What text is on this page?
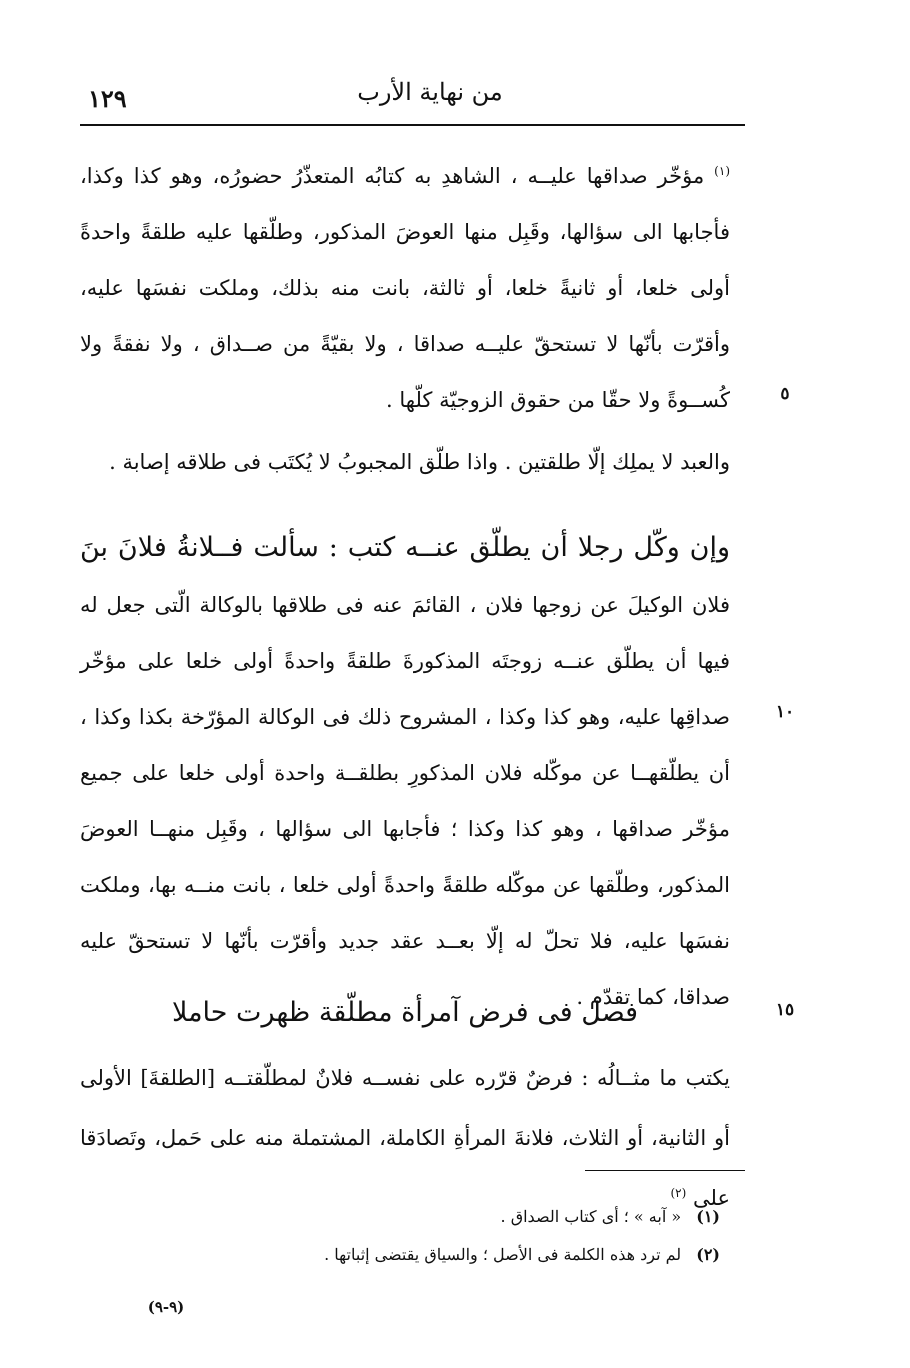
من نهاية الأرب
١٢٩
$^{(١)}$ مؤخّر صداقها عليــه ، الشاهدِ به كتابُه المتعذّرُ حضورُه، وهو كذا وكذا، فأجابها الى سؤالها، وقَبِل منها العوضَ المذكور، وطلّقها عليه طلقةً واحدةً أولى خلعا، أو ثانيةً خلعا، أو ثالثة، بانت منه بذلك، وملكت نفسَها عليه، وأقرّت بأنّها لا تستحقّ عليــه صداقا ، ولا بقيّةً من صــداق ، ولا نفقةً ولا كُســوةً ولا حقّا من حقوق الزوجيّة كلّها .	٥
والعبد لا يملِك إلّا طلقتين . واذا طلّق المجبوبُ لا يُكتَب فى طلاقه إصابة .
وإن وكّل رجلا أن يطلّق عنــه كتب : سألت فــلانةُ فلانَ بنَ فلان الوكيلَ عن زوجها فلان ، القائمَ عنه فى طلاقها بالوكالة الّتى جعل له فيها أن يطلّق عنــه زوجتَه المذكورةَ طلقةً واحدةً أولى خلعا على مؤخّر صداقِها عليه، وهو كذا وكذا ، المشروح ذلك فى الوكالة المؤرّخة بكذا وكذا ، أن يطلّقهــا عن موكّله فلان المذكورِ بطلقــة واحدة أولى خلعا على جميع مؤخّر صداقها ، وهو كذا وكذا ؛ فأجابها الى سؤالها ، وقَبِل منهــا العوضَ المذكور، وطلّقها عن موكّله طلقةً واحدةً أولى خلعا ، بانت منــه بها، وملكت نفسَها عليه، فلا تحلّ له إلّا بعــد عقد جديد وأقرّت بأنّها لا تستحقّ عليه صداقا، كما تقدّم .
١٠
فصل فى فرض آمرأة مطلّقة ظهرت حاملا	١٥
يكتب ما مثــالُه : فرضٌ قرّره على نفســه فلانٌ لمطلّقتــه [الطلقةَ] الأولى أو الثانية، أو الثلاث، فلانةَ المرأةِ الكاملة، المشتملة منه على حَمل، وتَصادَقا على $^{(٢)}$
(١) « آبه » ؛ أى كتاب الصداق .
(٢) لم ترد هذه الكلمة فى الأصل ؛ والسياق يقتضى إثباتها .
(٩-٩)
